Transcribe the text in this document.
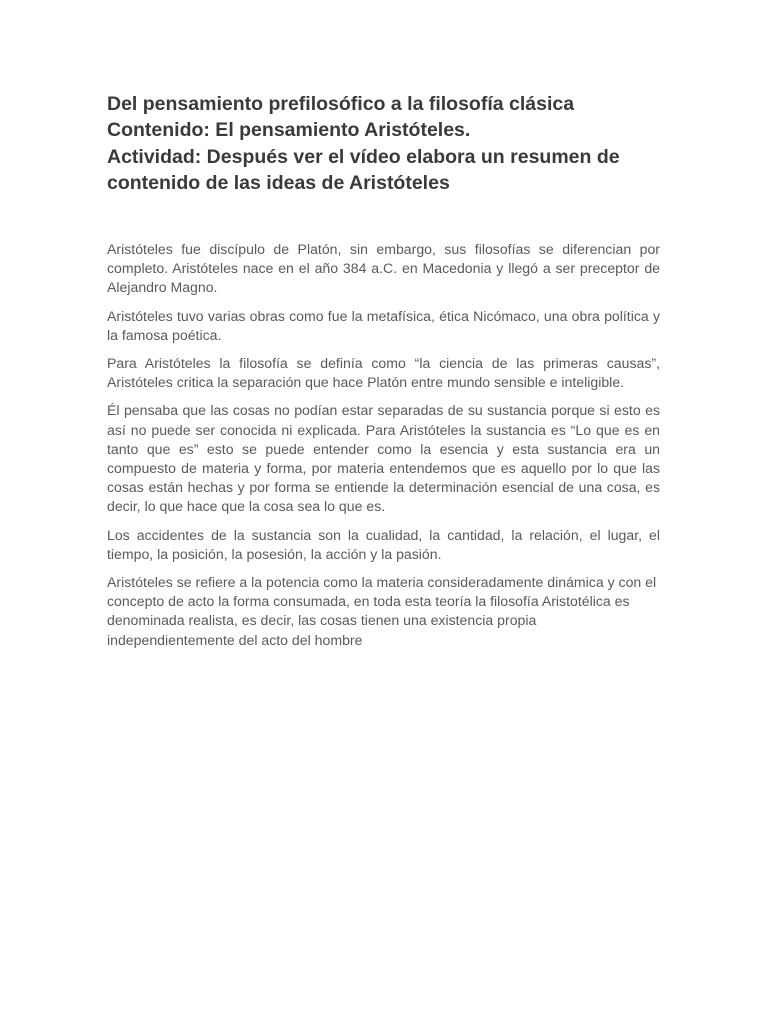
Del pensamiento prefilosófico a la filosofía clásica
Contenido: El pensamiento Aristóteles.
Actividad: Después ver el vídeo elabora un resumen de
contenido de las ideas de Aristóteles

Aristóteles fue discípulo de Platón, sin embargo, sus filosofías se diferencian por completo. Aristóteles nace en el año 384 a.C. en Macedonia y llegó a ser preceptor de Alejandro Magno.

Aristóteles tuvo varias obras como fue la metafísica, ética Nicómaco, una obra política y la famosa poética.

Para Aristóteles la filosofía se definía como “la ciencia de las primeras causas”, Aristóteles critica la separación que hace Platón entre mundo sensible e inteligible.

Él pensaba que las cosas no podían estar separadas de su sustancia porque si esto es así no puede ser conocida ni explicada. Para Aristóteles la sustancia es “Lo que es en tanto que es” esto se puede entender como la esencia y esta sustancia era un compuesto de materia y forma, por materia entendemos que es aquello por lo que las cosas están hechas y por forma se entiende la determinación esencial de una cosa, es decir, lo que hace que la cosa sea lo que es.

Los accidentes de la sustancia son la cualidad, la cantidad, la relación, el lugar, el tiempo, la posición, la posesión, la acción y la pasión.

Aristóteles se refiere a la potencia como la materia consideradamente dinámica y con el concepto de acto la forma consumada, en toda esta teoría la filosofía Aristotélica es denominada realista, es decir, las cosas tienen una existencia propia independientemente del acto del hombre
